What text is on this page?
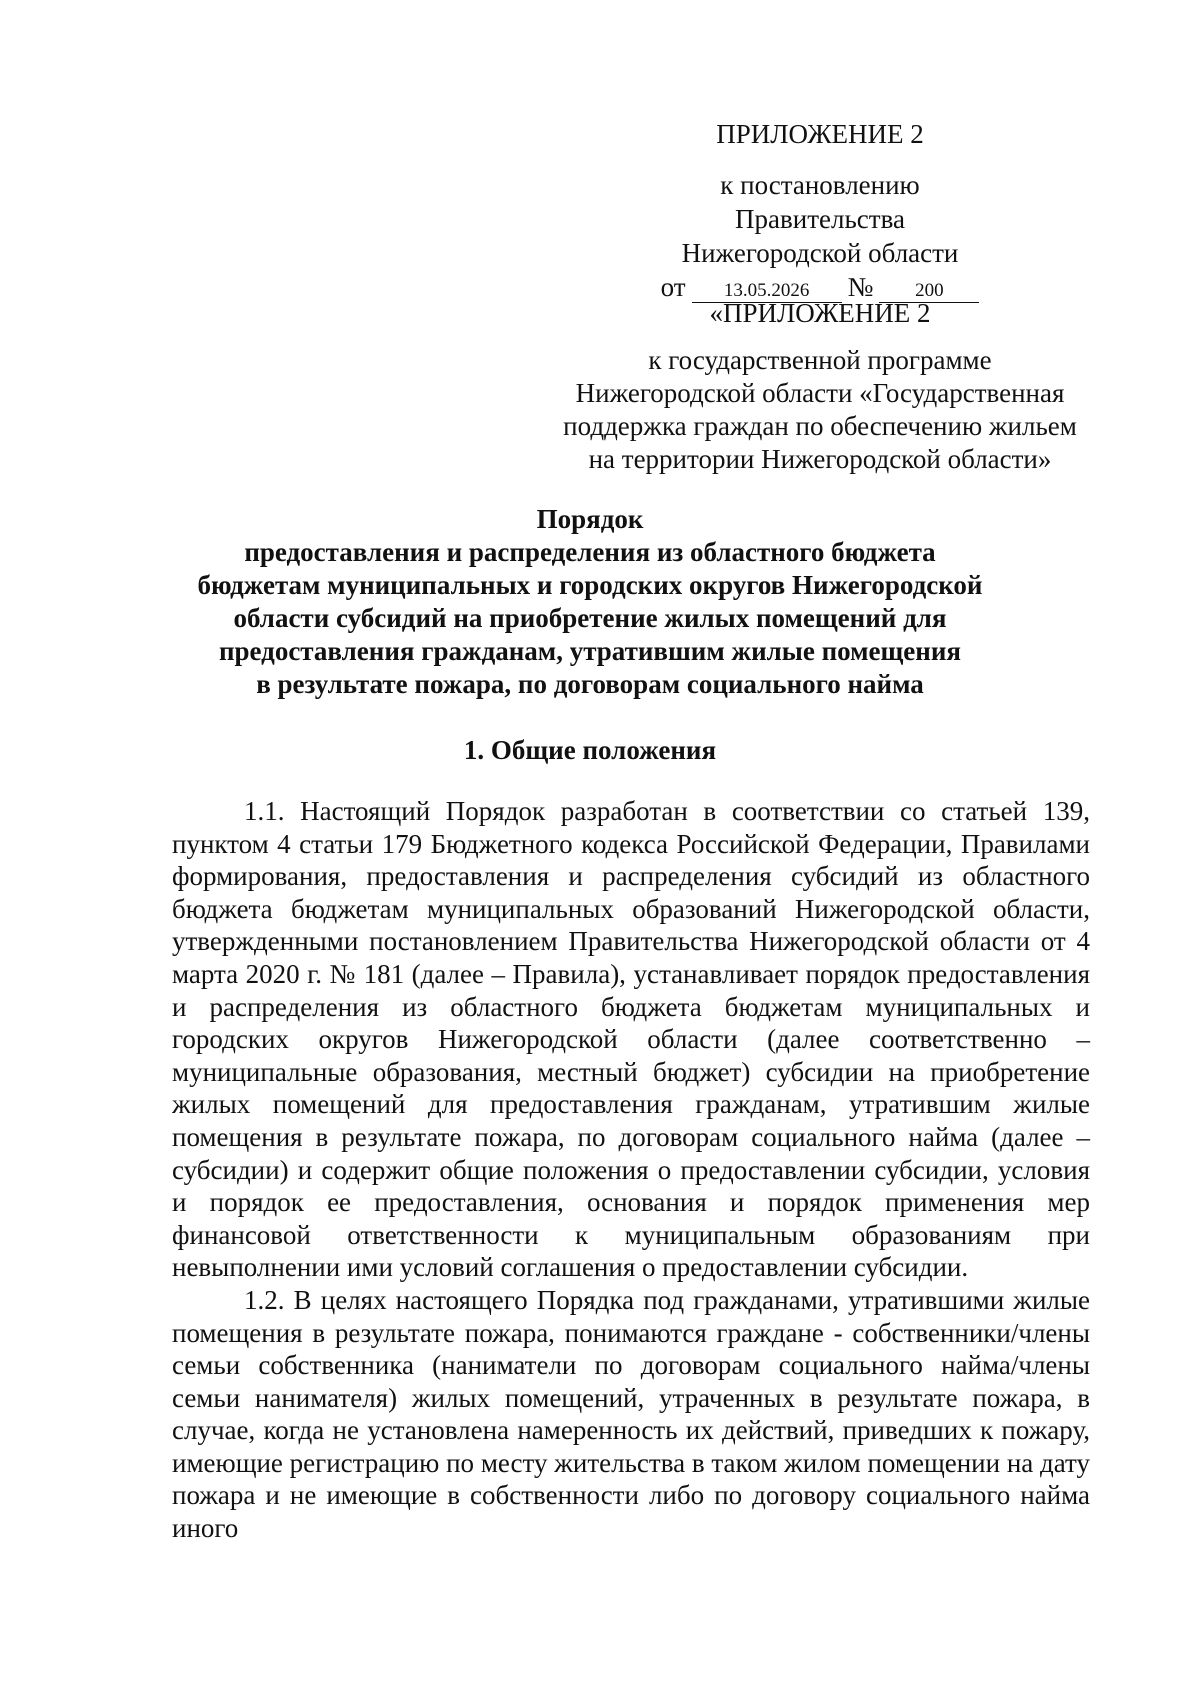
ПРИЛОЖЕНИЕ 2
к постановлению Правительства
Нижегородской области
от	13.05.2026	№	200
«ПРИЛОЖЕНИЕ 2
к государственной программе
Нижегородской области «Государственная
поддержка граждан по обеспечению жильем
на территории Нижегородской области»
Порядок
предоставления и распределения из областного бюджета
бюджетам муниципальных и городских округов Нижегородской
области субсидий на приобретение жилых помещений для
предоставления гражданам, утратившим жилые помещения
в результате пожара, по договорам социального найма
1. Общие положения

1.1. Настоящий Порядок разработан в соответствии со статьей 139, пунктом 4 статьи 179 Бюджетного кодекса Российской Федерации, Правилами формирования, предоставления и распределения субсидий из областного бюджета бюджетам муниципальных образований Нижегородской области, утвержденными постановлением Правительства Нижегородской области от 4 марта 2020 г. № 181 (далее – Правила), устанавливает порядок предоставления и распределения из областного бюджета бюджетам муниципальных и городских округов Нижегородской области (далее соответственно – муниципальные образования, местный бюджет) субсидии на приобретение жилых помещений для предоставления гражданам, утратившим жилые помещения в результате пожара, по договорам социального найма (далее – субсидии) и содержит общие положения о предоставлении субсидии, условия и порядок ее предоставления, основания и порядок применения мер финансовой ответственности к муниципальным образованиям при невыполнении ими условий соглашения о предоставлении субсидии.

1.2. В целях настоящего Порядка под гражданами, утратившими жилые помещения в результате пожара, понимаются граждане - собственники/члены семьи собственника (наниматели по договорам социального найма/члены семьи нанимателя) жилых помещений, утраченных в результате пожара, в случае, когда не установлена намеренность их действий, приведших к пожару, имеющие регистрацию по месту жительства в таком жилом помещении на дату пожара и не имеющие в собственности либо по договору социального найма иного
